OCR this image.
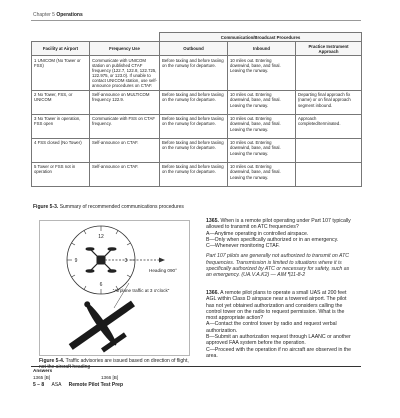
Chapter 5 Operations
		Communication/Broadcast Procedures		
Facility at Airport	Frequency Use	Outbound	Inbound	Practice Instrument Approach
1 UNICOM (No Tower or FSS)	Communicate with UNICOM station on published CTAF frequency (122.7, 122.8, 122.725, 122.975, or 123.0). If unable to contact UNICOM station, use self-announce procedures on CTAF.	Before taxiing and before taxiing on the runway for departure.	10 miles out. Entering downwind, base, and final. Leaving the runway.	
2 No Tower, FSS, or UNICOM	Self-announce on MULTICOM frequency 122.9.	Before taxiing and before taxiing on the runway for departure.	10 miles out. Entering downwind, base, and final. Leaving the runway.	Departing final approach fix (name) or on final approach segment inbound.
3 No Tower in operation, FSS open	Communicate with FSS on CTAF frequency.	Before taxiing and before taxiing on the runway for departure.	10 miles out. Entering downwind, base, and final. Leaving the runway.	Approach completed/terminated.
4 FSS closed (No Tower)	Self-announce on CTAF.	Before taxiing and before taxiing on the runway for departure.	10 miles out. Entering downwind, base, and final. Leaving the runway.	
5 Tower or FSS not in operation	Self-announce on CTAF.	Before taxiing and before taxiing on the runway for departure.	10 miles out. Entering downwind, base, and final. Leaving the runway.	
Figure 5-3. Summary of recommended communications procedures
12
3
6
9
Heading 090°
“Airplane traffic at 3 o’clock”
Figure 5-4. Traffic advisories are issued based on direction of flight, not the aircraft heading
1365. When is a remote pilot operating under Part 107 typically allowed to transmit on ATC frequencies?
A—Anytime operating in controlled airspace.
B—Only when specifically authorized or in an emergency.
C—Whenever monitoring CTAF.
Part 107 pilots are generally not authorized to transmit on ATC frequencies. Transmission is limited to situations where it is specifically authorized by ATC or necessary for safety, such as an emergency. (UA.V.A.K2) — AIM ¶11-8-2
1366. A remote pilot plans to operate a small UAS at 200 feet AGL within Class D airspace near a towered airport. The pilot has not yet obtained authorization and considers calling the control tower on the radio to request permission. What is the most appropriate action?
A—Contact the control tower by radio and request verbal authorization.
B—Submit an authorization request through LAANC or another approved FAA system before the operation.
C—Proceed with the operation if no aircraft are observed in the area.
Answers
1365 [B]	1366 [B]
5 – 8 ASA Remote Pilot Test Prep
